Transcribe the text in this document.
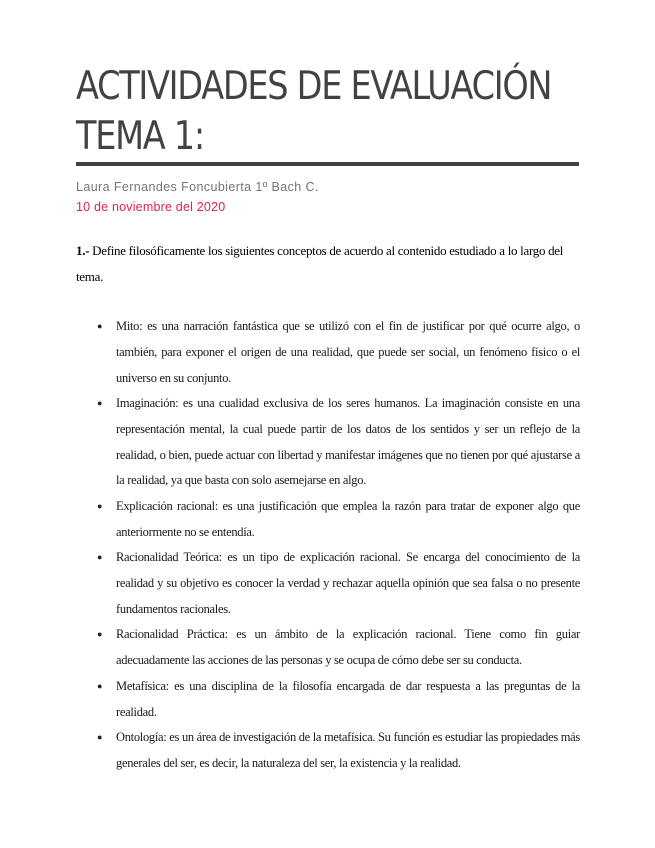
ACTIVIDADES DE EVALUACIÓN
TEMA 1:
Laura Fernandes Foncubierta 1º Bach C.
10 de noviembre del 2020
1.- Define filosóficamente los siguientes conceptos de acuerdo al contenido estudiado a lo largo del tema.
● Mito: es una narración fantástica que se utilizó con el fin de justificar por qué ocurre algo, o también, para exponer el origen de una realidad, que puede ser social, un fenómeno físico o el universo en su conjunto.
● Imaginación: es una cualidad exclusiva de los seres humanos. La imaginación consiste en una representación mental, la cual puede partir de los datos de los sentidos y ser un reflejo de la realidad, o bien, puede actuar con libertad y manifestar imágenes que no tienen por qué ajustarse a la realidad, ya que basta con solo asemejarse en algo.
● Explicación racional: es una justificación que emplea la razón para tratar de exponer algo que anteriormente no se entendía.
● Racionalidad Teórica: es un tipo de explicación racional. Se encarga del conocimiento de la realidad y su objetivo es conocer la verdad y rechazar aquella opinión que sea falsa o no presente fundamentos racionales.
● Racionalidad Práctica: es un ámbito de la explicación racional. Tiene como fin guiar adecuadamente las acciones de las personas y se ocupa de cómo debe ser su conducta.
● Metafísica: es una disciplina de la filosofía encargada de dar respuesta a las preguntas de la realidad.
● Ontología: es un área de investigación de la metafísica. Su función es estudiar las propiedades más generales del ser, es decir, la naturaleza del ser, la existencia y la realidad.
